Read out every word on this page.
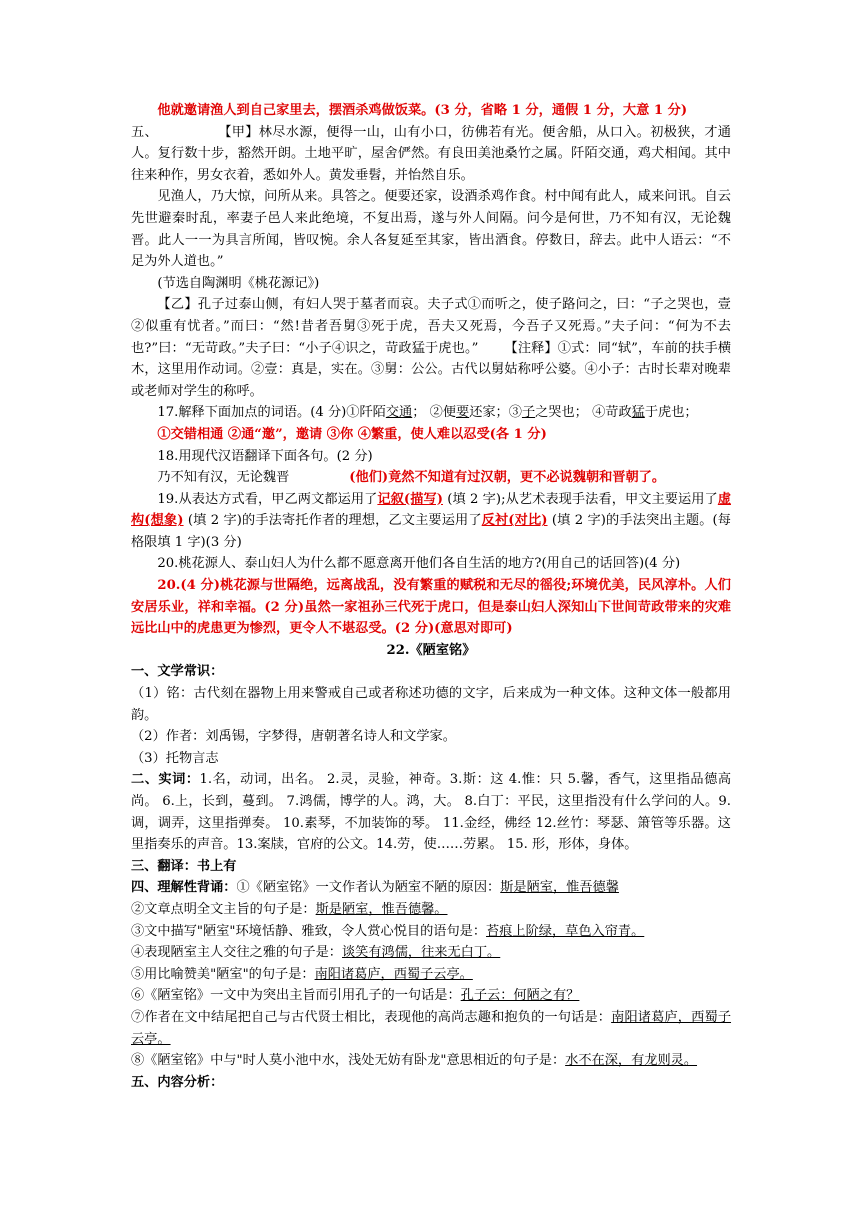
他就邀请渔人到自己家里去，摆酒杀鸡做饭菜。(3 分，省略 1 分，通假 1 分，大意 1 分)

五、	【甲】林尽水源，便得一山，山有小口，彷佛若有光。便舍船，从口入。初极狭，才通人。复行数十步，豁然开朗。土地平旷，屋舍俨然。有良田美池桑竹之属。阡陌交通，鸡犬相闻。其中往来种作，男女衣着，悉如外人。黄发垂髫，并怡然自乐。

见渔人，乃大惊，问所从来。具答之。便要还家，设酒杀鸡作食。村中闻有此人，咸来问讯。自云先世避秦时乱，率妻子邑人来此绝境，不复出焉，遂与外人间隔。问今是何世，乃不知有汉，无论魏晋。此人一一为具言所闻，皆叹惋。余人各复延至其家，皆出酒食。停数日，辞去。此中人语云：“不足为外人道也。”

(节选自陶渊明《桃花源记》)

【乙】孔子过泰山侧，有妇人哭于墓者而哀。夫子式①而听之，使子路问之，曰：“子之哭也，壹②似重有忧者。”而曰：“然!昔者吾舅③死于虎，吾夫又死焉，今吾子又死焉。”夫子问：“何为不去也?”曰：“无苛政。”夫子曰：“小子④识之，苛政猛于虎也。” 【注释】①式：同“轼”，车前的扶手横木，这里用作动词。②壹：真是，实在。③舅：公公。古代以舅姑称呼公婆。④小子：古时长辈对晚辈或老师对学生的称呼。

17.解释下面加点的词语。(4 分)①阡陌交通； ②便要还家；③子之哭也； ④苛政猛于虎也；

①交错相通 ②通“邀”，邀请 ③你 ④繁重，使人难以忍受(各 1 分)

18.用现代汉语翻译下面各句。(2 分)

乃不知有汉，无论魏晋	(他们)竟然不知道有过汉朝，更不必说魏朝和晋朝了。

19.从表达方式看，甲乙两文都运用了记叙(描写) (填 2 字);从艺术表现手法看，甲文主要运用了虚构(想象) (填 2 字)的手法寄托作者的理想，乙文主要运用了反衬(对比) (填 2 字)的手法突出主题。(每格限填 1 字)(3 分)

20.桃花源人、泰山妇人为什么都不愿意离开他们各自生活的地方?(用自己的话回答)(4 分)

20.(4 分)桃花源与世隔绝，远离战乱，没有繁重的赋税和无尽的徭役;环境优美，民风淳朴。人们安居乐业，祥和幸福。(2 分)虽然一家祖孙三代死于虎口，但是泰山妇人深知山下世间苛政带来的灾难远比山中的虎患更为惨烈，更令人不堪忍受。(2 分)(意思对即可)

22.《陋室铭》

一、文学常识：

（1）铭：古代刻在器物上用来警戒自己或者称述功德的文字，后来成为一种文体。这种文体一般都用韵。

（2）作者：刘禹锡，字梦得，唐朝著名诗人和文学家。

（3）托物言志

二、实词：1.名，动词，出名。 2.灵，灵验，神奇。3.斯：这 4.惟：只 5.馨，香气，这里指品德高尚。 6.上，长到，蔓到。 7.鸿儒，博学的人。鸿，大。 8.白丁：平民，这里指没有什么学问的人。9.调，调弄，这里指弹奏。 10.素琴，不加装饰的琴。 11.金经，佛经 12.丝竹：琴瑟、箫管等乐器。这里指奏乐的声音。13.案牍，官府的公文。14.劳，使……劳累。 15. 形，形体，身体。

三、翻译：书上有

四、理解性背诵：①《陋室铭》一文作者认为陋室不陋的原因：斯是陋室，惟吾德馨

②文章点明全文主旨的句子是：斯是陋室，惟吾德馨。

③文中描写"陋室"环境恬静、雅致，令人赏心悦目的语句是：苔痕上阶绿，草色入帘青。

④表现陋室主人交往之雅的句子是：谈笑有鸿儒，往来无白丁。

⑤用比喻赞美"陋室"的句子是：南阳诸葛庐，西蜀子云亭。

⑥《陋室铭》一文中为突出主旨而引用孔子的一句话是：孔子云：何陋之有？

⑦作者在文中结尾把自己与古代贤士相比，表现他的高尚志趣和抱负的一句话是：南阳诸葛庐，西蜀子云亭。

⑧《陋室铭》中与"时人莫小池中水，浅处无妨有卧龙"意思相近的句子是：水不在深，有龙则灵。

五、内容分析：
